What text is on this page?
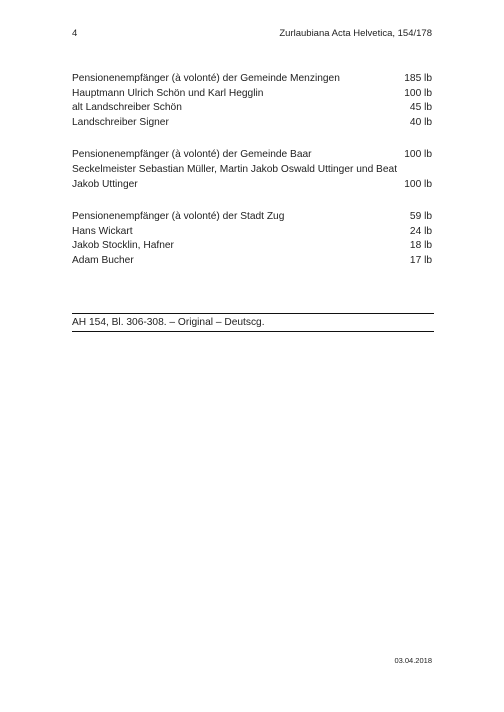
4	Zurlaubiana Acta Helvetica, 154/178
Pensionenempfänger (à volonté) der Gemeinde Menzingen	185 lb
Hauptmann Ulrich Schön und Karl Hegglin	100 lb
alt Landschreiber Schön	45 lb
Landschreiber Signer	40 lb
Pensionenempfänger (à volonté) der Gemeinde Baar	100 lb
Seckelmeister Sebastian Müller, Martin Jakob Oswald Uttinger und Beat
Jakob Uttinger	100 lb
Pensionenempfänger (à volonté) der Stadt Zug	59 lb
Hans Wickart	24 lb
Jakob Stocklin, Hafner	18 lb
Adam Bucher	17 lb
AH 154, Bl. 306-308. – Original – Deutscg.
03.04.2018
